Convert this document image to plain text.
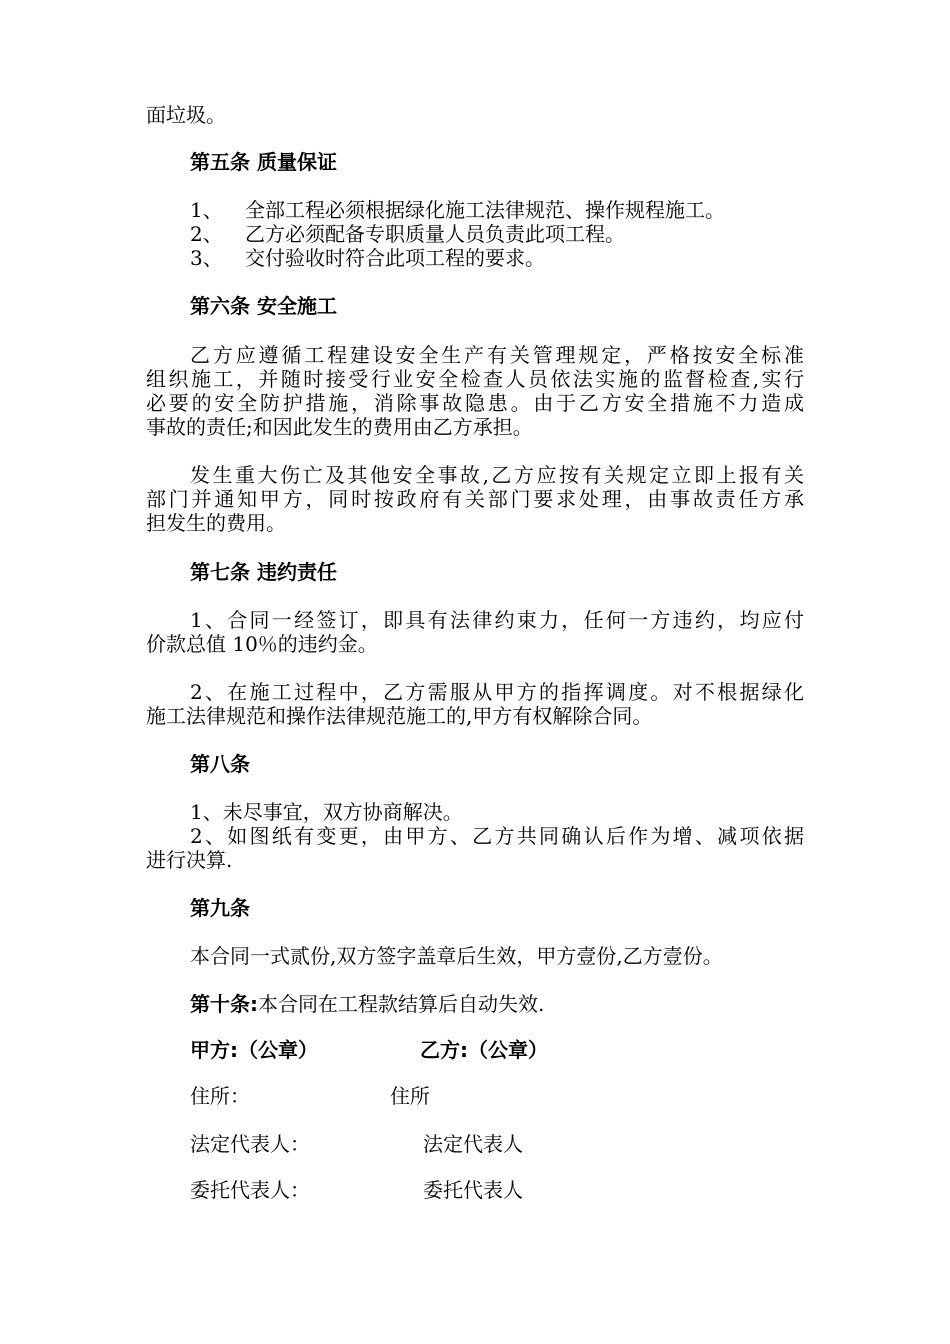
面垃圾。
第五条 质量保证
1、 全部工程必须根据绿化施工法律规范、操作规程施工。
2、 乙方必须配备专职质量人员负责此项工程。
3、 交付验收时符合此项工程的要求。
第六条 安全施工
乙方应遵循工程建设安全生产有关管理规定，严格按安全标准
组织施工，并随时接受行业安全检查人员依法实施的监督检查,实行
必要的安全防护措施，消除事故隐患。由于乙方安全措施不力造成
事故的责任;和因此发生的费用由乙方承担。
发生重大伤亡及其他安全事故,乙方应按有关规定立即上报有关
部门并通知甲方，同时按政府有关部门要求处理，由事故责任方承
担发生的费用。
第七条 违约责任
1、合同一经签订，即具有法律约束力，任何一方违约，均应付
价款总值 10％的违约金。
2、在施工过程中，乙方需服从甲方的指挥调度。对不根据绿化
施工法律规范和操作法律规范施工的,甲方有权解除合同。
第八条
1、未尽事宜，双方协商解决。
2、如图纸有变更，由甲方、乙方共同确认后作为增、减项依据
进行决算.
第九条
本合同一式贰份,双方签字盖章后生效，甲方壹份,乙方壹份。
第十条:本合同在工程款结算后自动失效.
甲方:（公章）	乙方:（公章）
住所：	住所
法定代表人：	法定代表人
委托代表人：	委托代表人
